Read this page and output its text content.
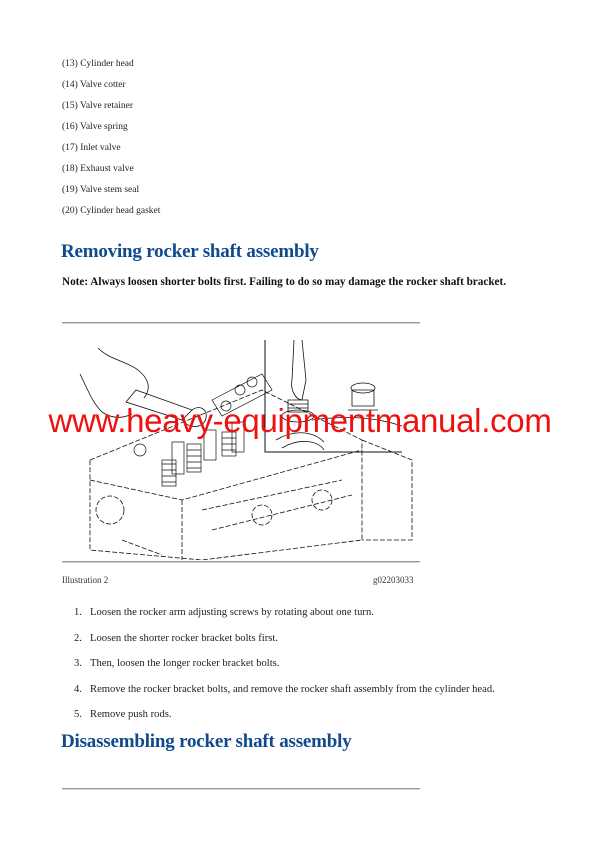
(13) Cylinder head
(14) Valve cotter
(15) Valve retainer
(16) Valve spring
(17) Inlet valve
(18) Exhaust valve
(19) Valve stem seal
(20) Cylinder head gasket
Removing rocker shaft assembly

Note: Always loosen shorter bolts first. Failing to do so may damage the rocker shaft bracket.

www.heavy-equipmentmanual.com
Illustration 2	g02203033
1. Loosen the rocker arm adjusting screws by rotating about one turn.
2. Loosen the shorter rocker bracket bolts first.
3. Then, loosen the longer rocker bracket bolts.
4. Remove the rocker bracket bolts, and remove the rocker shaft assembly from the cylinder head.
5. Remove push rods.
Disassembling rocker shaft assembly
